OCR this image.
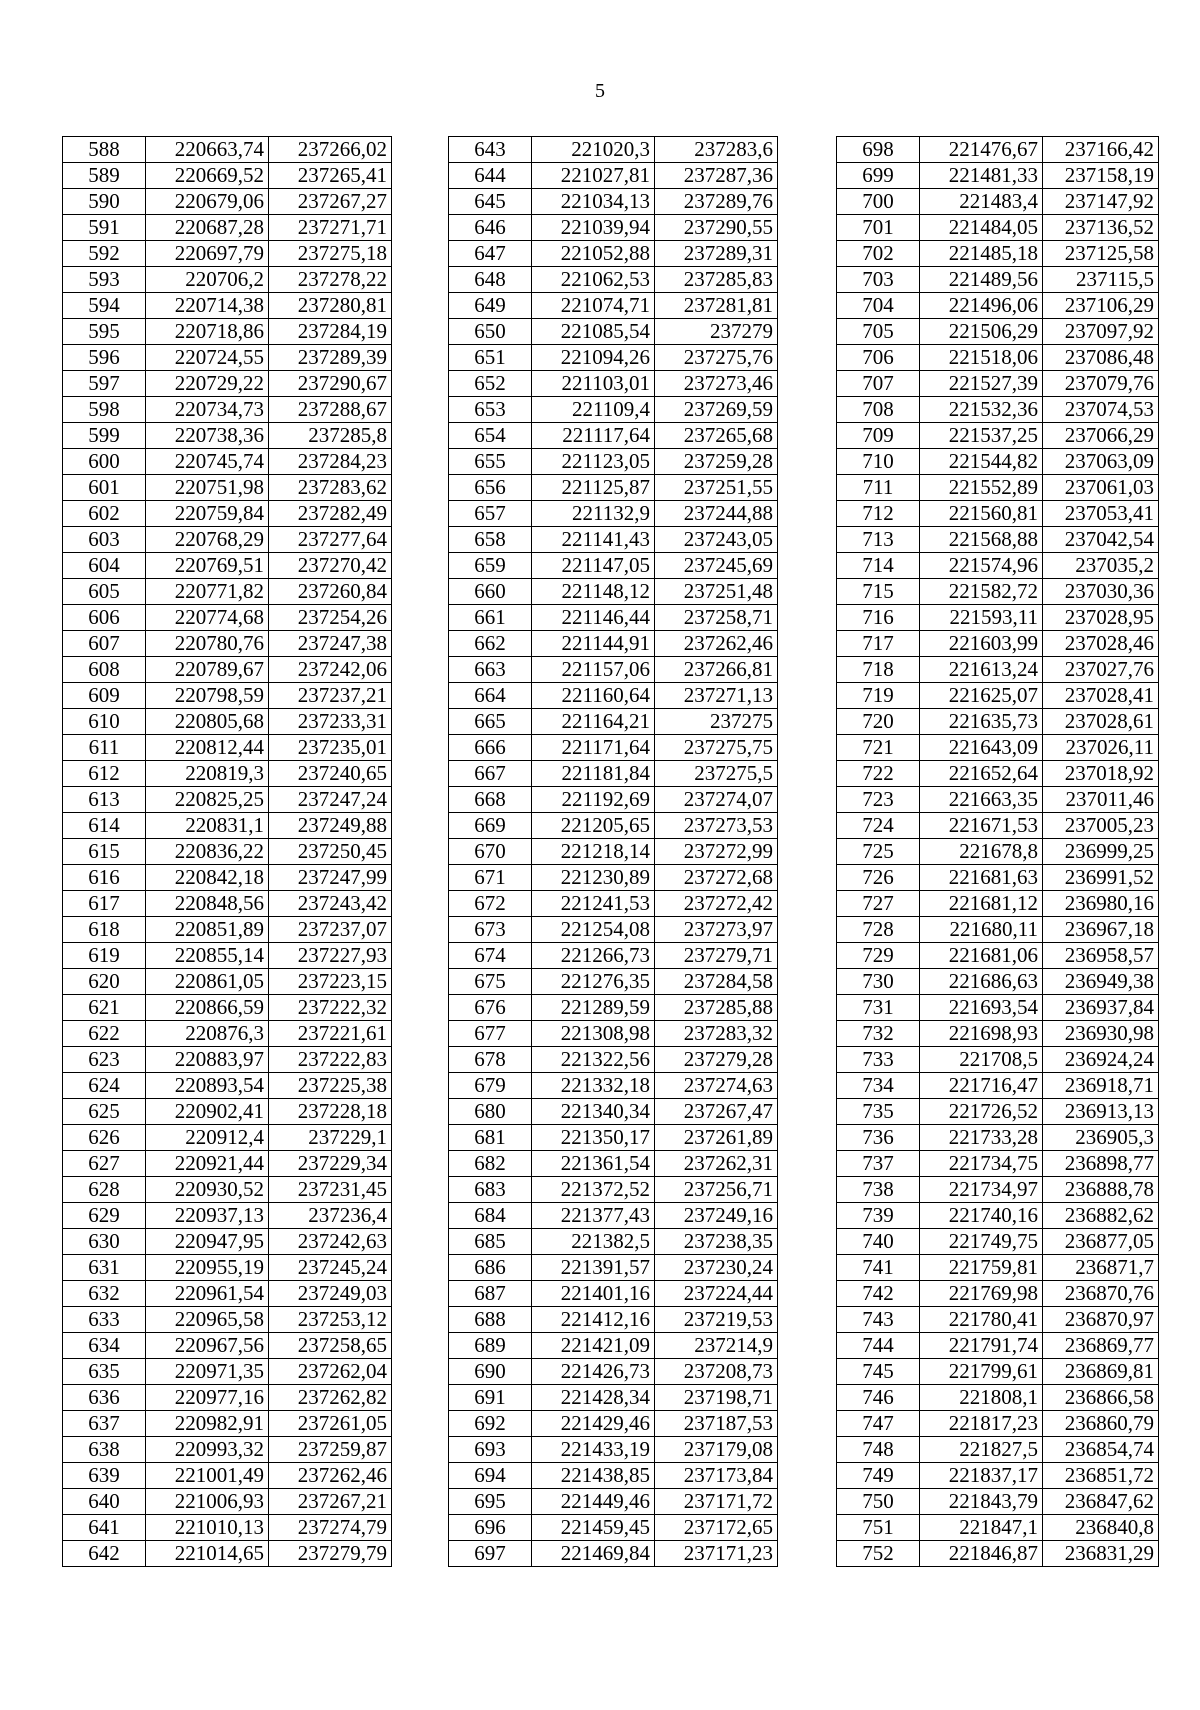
5
588	220663,74	237266,02
589	220669,52	237265,41
590	220679,06	237267,27
591	220687,28	237271,71
592	220697,79	237275,18
593	220706,2	237278,22
594	220714,38	237280,81
595	220718,86	237284,19
596	220724,55	237289,39
597	220729,22	237290,67
598	220734,73	237288,67
599	220738,36	237285,8
600	220745,74	237284,23
601	220751,98	237283,62
602	220759,84	237282,49
603	220768,29	237277,64
604	220769,51	237270,42
605	220771,82	237260,84
606	220774,68	237254,26
607	220780,76	237247,38
608	220789,67	237242,06
609	220798,59	237237,21
610	220805,68	237233,31
611	220812,44	237235,01
612	220819,3	237240,65
613	220825,25	237247,24
614	220831,1	237249,88
615	220836,22	237250,45
616	220842,18	237247,99
617	220848,56	237243,42
618	220851,89	237237,07
619	220855,14	237227,93
620	220861,05	237223,15
621	220866,59	237222,32
622	220876,3	237221,61
623	220883,97	237222,83
624	220893,54	237225,38
625	220902,41	237228,18
626	220912,4	237229,1
627	220921,44	237229,34
628	220930,52	237231,45
629	220937,13	237236,4
630	220947,95	237242,63
631	220955,19	237245,24
632	220961,54	237249,03
633	220965,58	237253,12
634	220967,56	237258,65
635	220971,35	237262,04
636	220977,16	237262,82
637	220982,91	237261,05
638	220993,32	237259,87
639	221001,49	237262,46
640	221006,93	237267,21
641	221010,13	237274,79
642	221014,65	237279,79
643	221020,3	237283,6
644	221027,81	237287,36
645	221034,13	237289,76
646	221039,94	237290,55
647	221052,88	237289,31
648	221062,53	237285,83
649	221074,71	237281,81
650	221085,54	237279
651	221094,26	237275,76
652	221103,01	237273,46
653	221109,4	237269,59
654	221117,64	237265,68
655	221123,05	237259,28
656	221125,87	237251,55
657	221132,9	237244,88
658	221141,43	237243,05
659	221147,05	237245,69
660	221148,12	237251,48
661	221146,44	237258,71
662	221144,91	237262,46
663	221157,06	237266,81
664	221160,64	237271,13
665	221164,21	237275
666	221171,64	237275,75
667	221181,84	237275,5
668	221192,69	237274,07
669	221205,65	237273,53
670	221218,14	237272,99
671	221230,89	237272,68
672	221241,53	237272,42
673	221254,08	237273,97
674	221266,73	237279,71
675	221276,35	237284,58
676	221289,59	237285,88
677	221308,98	237283,32
678	221322,56	237279,28
679	221332,18	237274,63
680	221340,34	237267,47
681	221350,17	237261,89
682	221361,54	237262,31
683	221372,52	237256,71
684	221377,43	237249,16
685	221382,5	237238,35
686	221391,57	237230,24
687	221401,16	237224,44
688	221412,16	237219,53
689	221421,09	237214,9
690	221426,73	237208,73
691	221428,34	237198,71
692	221429,46	237187,53
693	221433,19	237179,08
694	221438,85	237173,84
695	221449,46	237171,72
696	221459,45	237172,65
697	221469,84	237171,23
698	221476,67	237166,42
699	221481,33	237158,19
700	221483,4	237147,92
701	221484,05	237136,52
702	221485,18	237125,58
703	221489,56	237115,5
704	221496,06	237106,29
705	221506,29	237097,92
706	221518,06	237086,48
707	221527,39	237079,76
708	221532,36	237074,53
709	221537,25	237066,29
710	221544,82	237063,09
711	221552,89	237061,03
712	221560,81	237053,41
713	221568,88	237042,54
714	221574,96	237035,2
715	221582,72	237030,36
716	221593,11	237028,95
717	221603,99	237028,46
718	221613,24	237027,76
719	221625,07	237028,41
720	221635,73	237028,61
721	221643,09	237026,11
722	221652,64	237018,92
723	221663,35	237011,46
724	221671,53	237005,23
725	221678,8	236999,25
726	221681,63	236991,52
727	221681,12	236980,16
728	221680,11	236967,18
729	221681,06	236958,57
730	221686,63	236949,38
731	221693,54	236937,84
732	221698,93	236930,98
733	221708,5	236924,24
734	221716,47	236918,71
735	221726,52	236913,13
736	221733,28	236905,3
737	221734,75	236898,77
738	221734,97	236888,78
739	221740,16	236882,62
740	221749,75	236877,05
741	221759,81	236871,7
742	221769,98	236870,76
743	221780,41	236870,97
744	221791,74	236869,77
745	221799,61	236869,81
746	221808,1	236866,58
747	221817,23	236860,79
748	221827,5	236854,74
749	221837,17	236851,72
750	221843,79	236847,62
751	221847,1	236840,8
752	221846,87	236831,29
